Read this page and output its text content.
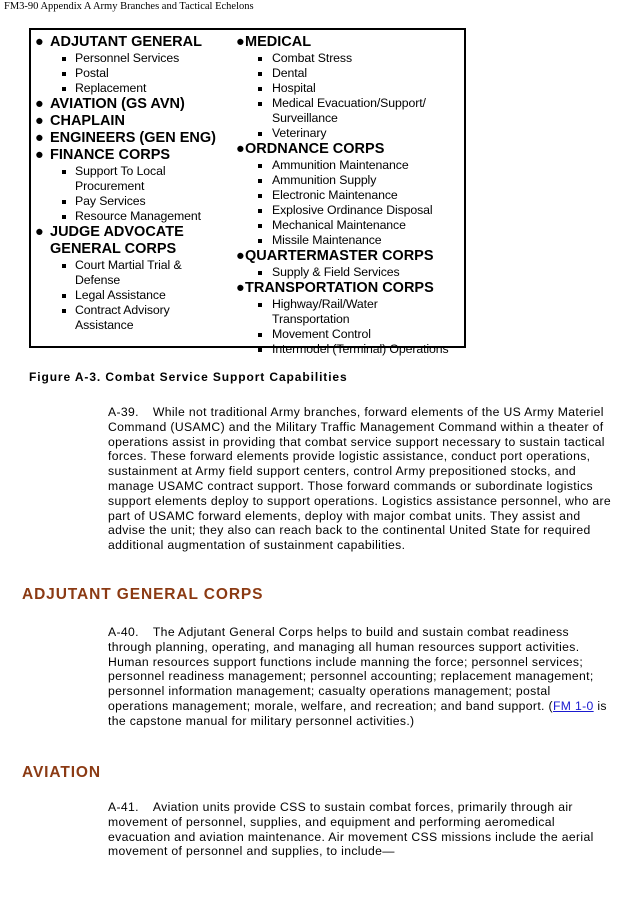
FM3-90 Appendix A Army Branches and Tactical Echelons
● ADJUTANT GENERAL
Personnel Services
Postal
Replacement
● AVIATION (GS AVN)
● CHAPLAIN
● ENGINEERS (GEN ENG)
● FINANCE CORPS
Support To Local
Procurement
Pay Services
Resource Management
● JUDGE ADVOCATE
GENERAL CORPS
Court Martial Trial &
Defense
Legal Assistance
Contract Advisory
Assistance
● MEDICAL
Combat Stress
Dental
Hospital
Medical Evacuation/Support/
Surveillance
Veterinary
● ORDNANCE CORPS
Ammunition Maintenance
Ammunition Supply
Electronic Maintenance
Explosive Ordinance Disposal
Mechanical Maintenance
Missile Maintenance
● QUARTERMASTER CORPS
Supply & Field Services
● TRANSPORTATION CORPS
Highway/Rail/Water
Transportation
Movement Control
Intermodel (Terminal) Operations
Figure A-3. Combat Service Support Capabilities

A-39. While not traditional Army branches, forward elements of the US Army Materiel Command (USAMC) and the Military Traffic Management Command within a theater of operations assist in providing that combat service support necessary to sustain tactical forces. These forward elements provide logistic assistance, conduct port operations, sustainment at Army field support centers, control Army prepositioned stocks, and manage USAMC contract support. Those forward commands or subordinate logistics support elements deploy to support operations. Logistics assistance personnel, who are part of USAMC forward elements, deploy with major combat units. They assist and advise the unit; they also can reach back to the continental United State for required additional augmentation of sustainment capabilities.

ADJUTANT GENERAL CORPS

A-40. The Adjutant General Corps helps to build and sustain combat readiness through planning, operating, and managing all human resources support activities. Human resources support functions include manning the force; personnel services; personnel readiness management; personnel accounting; replacement management; personnel information management; casualty operations management; postal operations management; morale, welfare, and recreation; and band support. (FM 1-0 is the capstone manual for military personnel activities.)

AVIATION

A-41. Aviation units provide CSS to sustain combat forces, primarily through air movement of personnel, supplies, and equipment and performing aeromedical evacuation and aviation maintenance. Air movement CSS missions include the aerial movement of personnel and supplies, to include—
